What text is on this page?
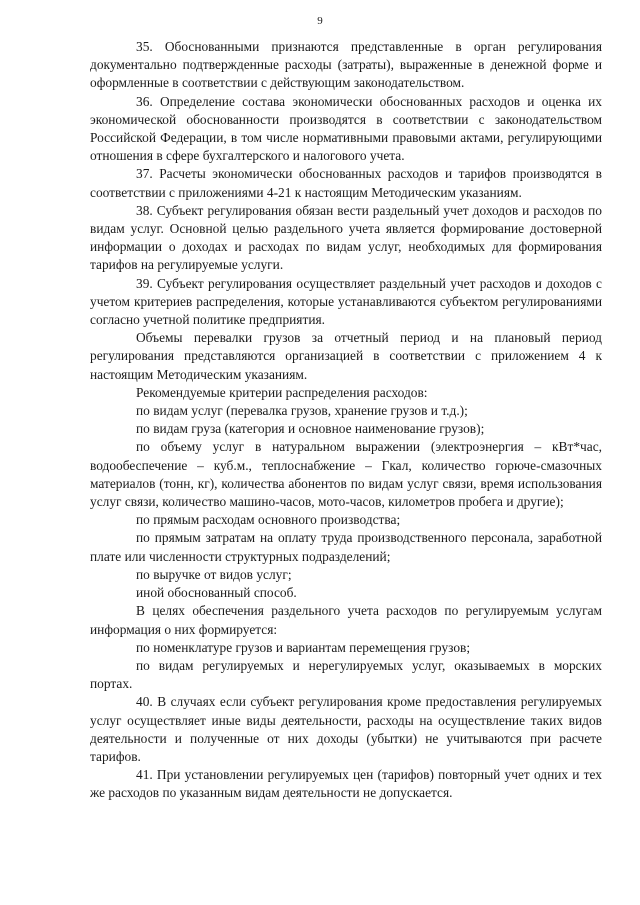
9

35. Обоснованными признаются представленные в орган регулирования документально подтвержденные расходы (затраты), выраженные в денежной форме и оформленные в соответствии с действующим законодательством.

36. Определение состава экономически обоснованных расходов и оценка их экономической обоснованности производятся в соответствии с законодательством Российской Федерации, в том числе нормативными правовыми актами, регулирующими отношения в сфере бухгалтерского и налогового учета.

37. Расчеты экономически обоснованных расходов и тарифов производятся в соответствии с приложениями 4-21 к настоящим Методическим указаниям.

38. Субъект регулирования обязан вести раздельный учет доходов и расходов по видам услуг. Основной целью раздельного учета является формирование достоверной информации о доходах и расходах по видам услуг, необходимых для формирования тарифов на регулируемые услуги.

39. Субъект регулирования осуществляет раздельный учет расходов и доходов с учетом критериев распределения, которые устанавливаются субъектом регулированиями согласно учетной политике предприятия.

Объемы перевалки грузов за отчетный период и на плановый период регулирования представляются организацией в соответствии с приложением 4 к настоящим Методическим указаниям.

Рекомендуемые критерии распределения расходов:

по видам услуг (перевалка грузов, хранение грузов и т.д.);

по видам груза (категория и основное наименование грузов);

по объему услуг в натуральном выражении (электроэнергия – кВт*час, водообеспечение – куб.м., теплоснабжение – Гкал, количество горюче-смазочных материалов (тонн, кг), количества абонентов по видам услуг связи, время использования услуг связи, количество машино-часов, мото-часов, километров пробега и другие);

по прямым расходам основного производства;

по прямым затратам на оплату труда производственного персонала, заработной плате или численности структурных подразделений;

по выручке от видов услуг;

иной обоснованный способ.

В целях обеспечения раздельного учета расходов по регулируемым услугам информация о них формируется:

по номенклатуре грузов и вариантам перемещения грузов;

по видам регулируемых и нерегулируемых услуг, оказываемых в морских портах.

40. В случаях если субъект регулирования кроме предоставления регулируемых услуг осуществляет иные виды деятельности, расходы на осуществление таких видов деятельности и полученные от них доходы (убытки) не учитываются при расчете тарифов.

41. При установлении регулируемых цен (тарифов) повторный учет одних и тех же расходов по указанным видам деятельности не допускается.
